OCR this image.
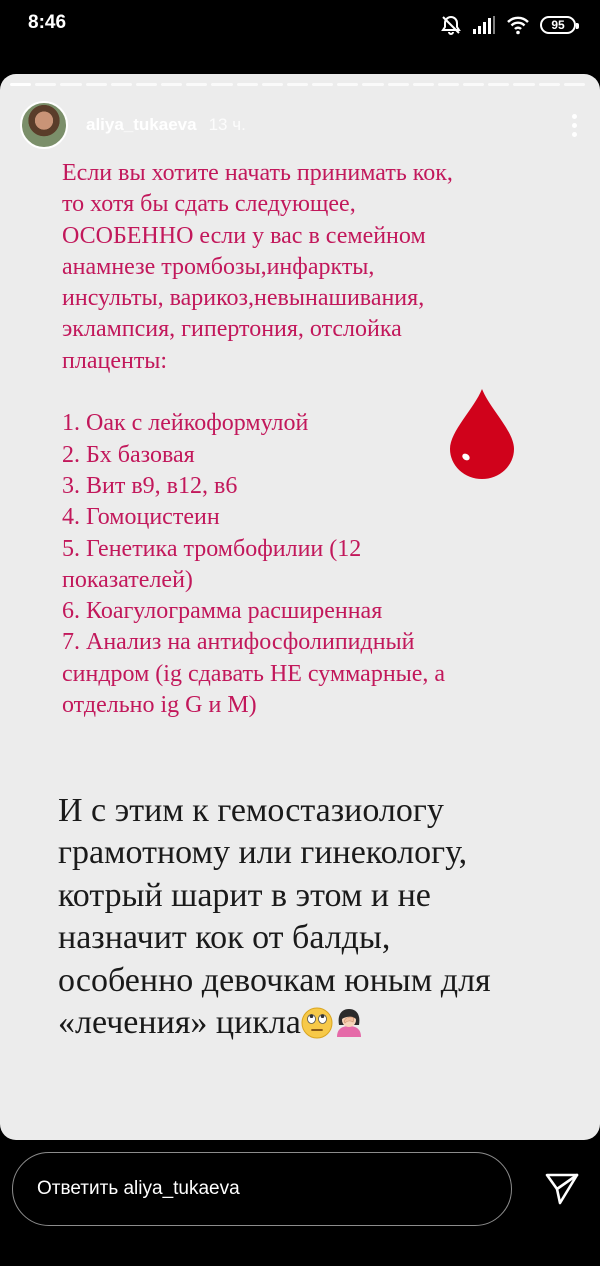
8:46	95
aliya_tukaeva 13 ч.
Если вы хотите начать принимать кок,
то хотя бы сдать следующее,
ОСОБЕННО если у вас в семейном
анамнезе тромбозы,инфаркты,
инсульты, варикоз,невынашивания,
эклампсия, гипертония, отслойка
плаценты:
1. Оак с лейкоформулой
2. Бх базовая
3. Вит в9, в12, в6
4. Гомоцистеин
5. Генетика тромбофилии (12
показателей)
6. Коагулограмма расширенная
7. Анализ на антифосфолипидный
синдром (ig сдавать НЕ суммарные, а
отдельно ig G и М)
И с этим к гемостазиологу
грамотному или гинекологу,
котрый шарит в этом и не
назначит кок от балды,
особенно девочкам юным для
«лечения» цикла
Ответить aliya_tukaeva
